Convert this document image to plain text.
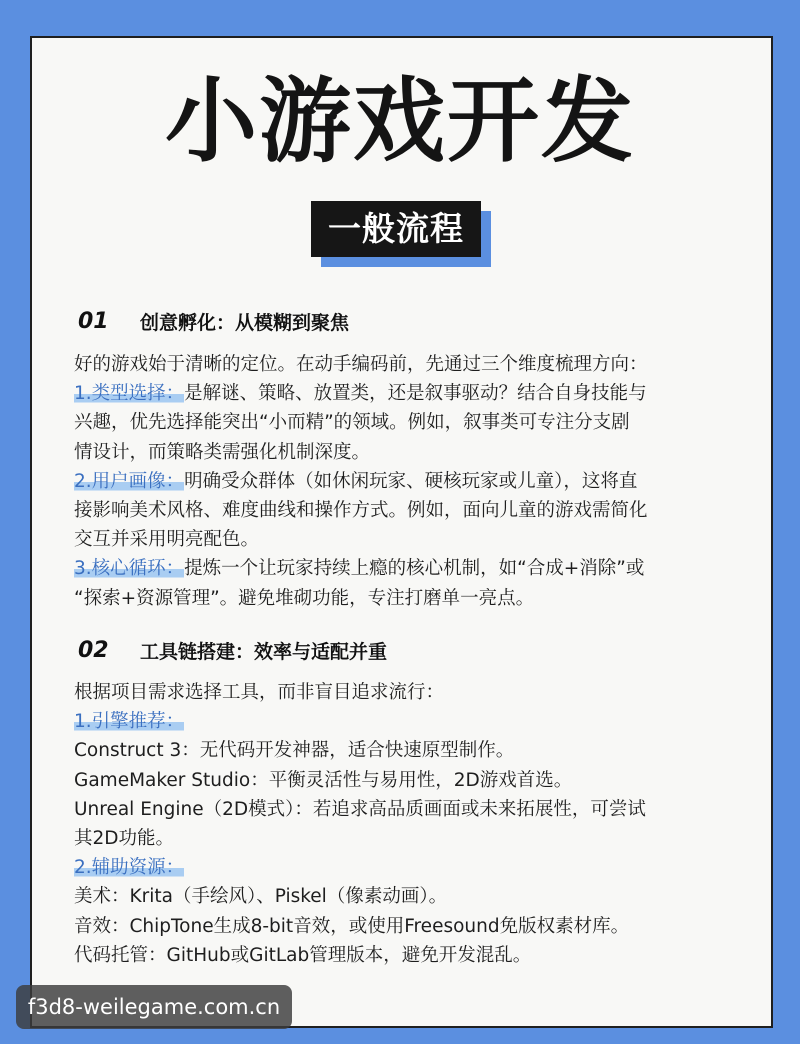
小游戏开发
一般流程
01	创意孵化：从模糊到聚焦

好的游戏始于清晰的定位。在动手编码前，先通过三个维度梳理方向：

1.类型选择：是解谜、策略、放置类，还是叙事驱动？结合自身技能与

兴趣，优先选择能突出“小而精”的领域。例如，叙事类可专注分支剧

情设计，而策略类需强化机制深度。

2.用户画像：明确受众群体（如休闲玩家、硬核玩家或儿童），这将直

接影响美术风格、难度曲线和操作方式。例如，面向儿童的游戏需简化

交互并采用明亮配色。

3.核心循环：提炼一个让玩家持续上瘾的核心机制，如“合成+消除”或

“探索+资源管理”。避免堆砌功能，专注打磨单一亮点。

02	工具链搭建：效率与适配并重

根据项目需求选择工具，而非盲目追求流行：

1.引擎推荐：

Construct 3：无代码开发神器，适合快速原型制作。

GameMaker Studio：平衡灵活性与易用性，2D游戏首选。

Unreal Engine（2D模式）：若追求高品质画面或未来拓展性，可尝试

其2D功能。

2.辅助资源：

美术：Krita（手绘风）、Piskel（像素动画）。

音效：ChipTone生成8-bit音效，或使用Freesound免版权素材库。

代码托管：GitHub或GitLab管理版本，避免开发混乱。

f3d8-weilegame.com.cn
